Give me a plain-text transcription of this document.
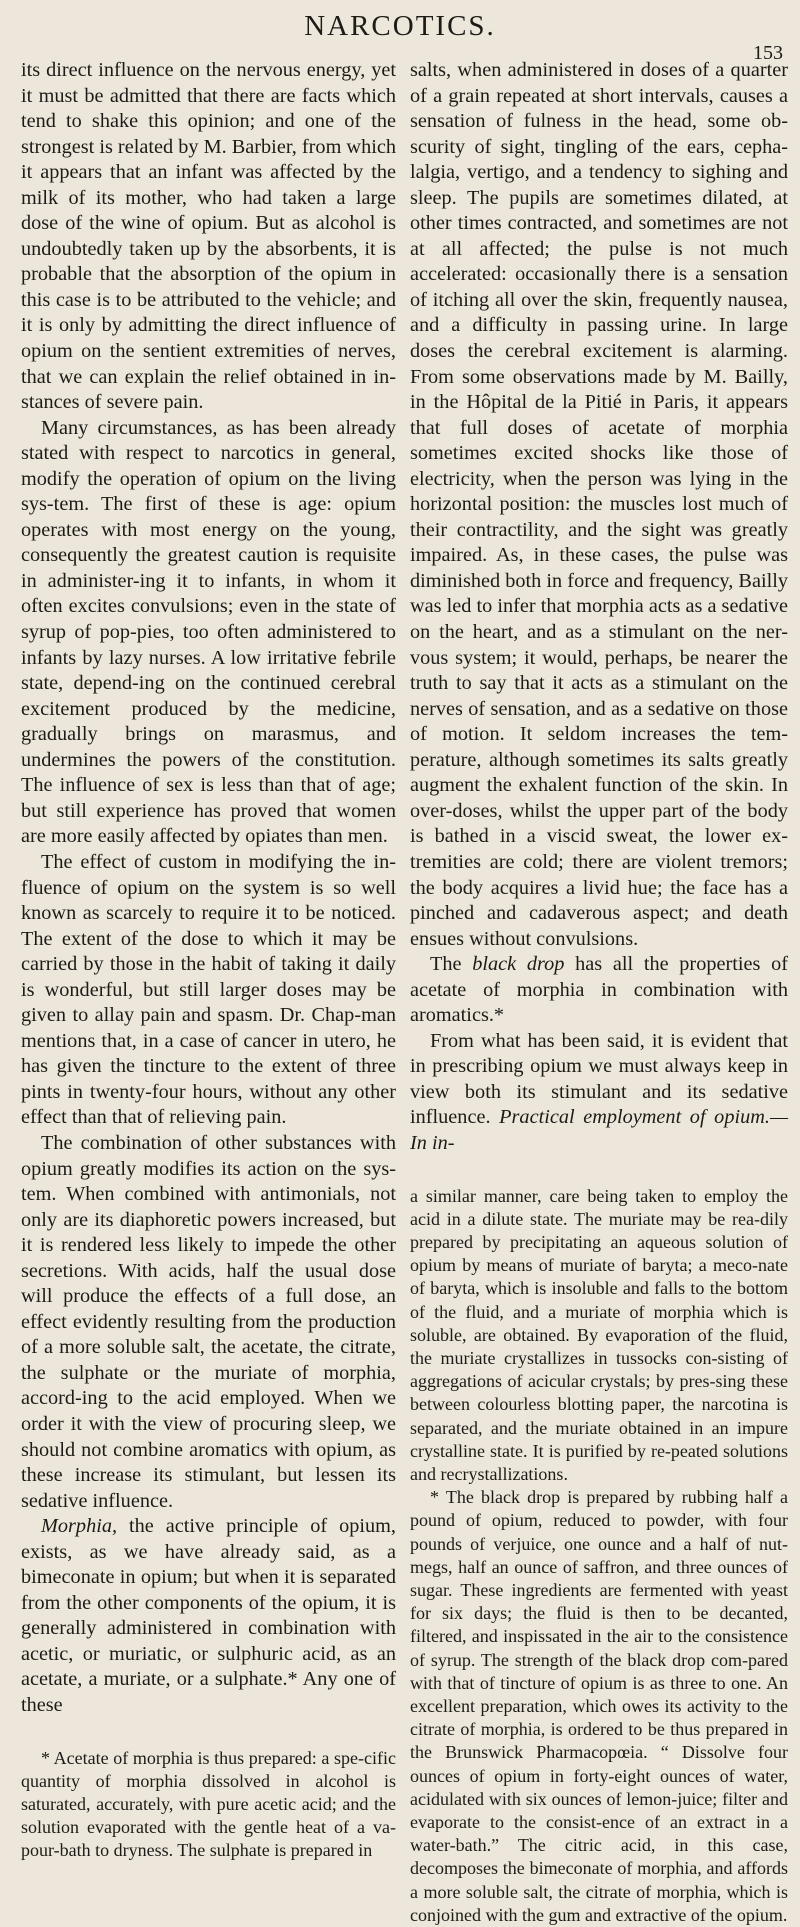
NARCOTICS.
153

its direct influence on the nervous energy, yet it must be admitted that there are facts which tend to shake this opinion; and one of the strongest is related by M. Barbier, from which it appears that an infant was affected by the milk of its mother, who had taken a large dose of the wine of opium. But as alcohol is undoubtedly taken up by the absorbents, it is probable that the absorption of the opium in this case is to be attributed to the vehicle; and it is only by admitting the direct influence of opium on the sentient extremities of nerves, that we can explain the relief obtained in in-stances of severe pain.

Many circumstances, as has been already stated with respect to narcotics in general, modify the operation of opium on the living sys-tem. The first of these is age: opium operates with most energy on the young, consequently the greatest caution is requisite in administer-ing it to infants, in whom it often excites convulsions; even in the state of syrup of pop-pies, too often administered to infants by lazy nurses. A low irritative febrile state, depend-ing on the continued cerebral excitement produced by the medicine, gradually brings on marasmus, and undermines the powers of the constitution. The influence of sex is less than that of age; but still experience has proved that women are more easily affected by opiates than men.

The effect of custom in modifying the in-fluence of opium on the system is so well known as scarcely to require it to be noticed. The extent of the dose to which it may be carried by those in the habit of taking it daily is wonderful, but still larger doses may be given to allay pain and spasm. Dr. Chap-man mentions that, in a case of cancer in utero, he has given the tincture to the extent of three pints in twenty-four hours, without any other effect than that of relieving pain.

The combination of other substances with opium greatly modifies its action on the sys-tem. When combined with antimonials, not only are its diaphoretic powers increased, but it is rendered less likely to impede the other secretions. With acids, half the usual dose will produce the effects of a full dose, an effect evidently resulting from the production of a more soluble salt, the acetate, the citrate, the sulphate or the muriate of morphia, accord-ing to the acid employed. When we order it with the view of procuring sleep, we should not combine aromatics with opium, as these increase its stimulant, but lessen its sedative influence.

Morphia, the active principle of opium, exists, as we have already said, as a bimeconate in opium; but when it is separated from the other components of the opium, it is generally administered in combination with acetic, or muriatic, or sulphuric acid, as an acetate, a muriate, or a sulphate.* Any one of these

* Acetate of morphia is thus prepared: a spe-cific quantity of morphia dissolved in alcohol is saturated, accurately, with pure acetic acid; and the solution evaporated with the gentle heat of a va-pour-bath to dryness. The sulphate is prepared in

salts, when administered in doses of a quarter of a grain repeated at short intervals, causes a sensation of fulness in the head, some ob-scurity of sight, tingling of the ears, cepha-lalgia, vertigo, and a tendency to sighing and sleep. The pupils are sometimes dilated, at other times contracted, and sometimes are not at all affected; the pulse is not much accelerated: occasionally there is a sensation of itching all over the skin, frequently nausea, and a difficulty in passing urine. In large doses the cerebral excitement is alarming. From some observations made by M. Bailly, in the Hôpital de la Pitié in Paris, it appears that full doses of acetate of morphia sometimes excited shocks like those of electricity, when the person was lying in the horizontal position: the muscles lost much of their contractility, and the sight was greatly impaired. As, in these cases, the pulse was diminished both in force and frequency, Bailly was led to infer that morphia acts as a sedative on the heart, and as a stimulant on the ner-vous system; it would, perhaps, be nearer the truth to say that it acts as a stimulant on the nerves of sensation, and as a sedative on those of motion. It seldom increases the tem-perature, although sometimes its salts greatly augment the exhalent function of the skin. In over-doses, whilst the upper part of the body is bathed in a viscid sweat, the lower ex-tremities are cold; there are violent tremors; the body acquires a livid hue; the face has a pinched and cadaverous aspect; and death ensues without convulsions.

The black drop has all the properties of acetate of morphia in combination with aromatics.*

From what has been said, it is evident that in prescribing opium we must always keep in view both its stimulant and its sedative influence. Practical employment of opium.—In in-

a similar manner, care being taken to employ the acid in a dilute state. The muriate may be rea-dily prepared by precipitating an aqueous solution of opium by means of muriate of baryta; a meco-nate of baryta, which is insoluble and falls to the bottom of the fluid, and a muriate of morphia which is soluble, are obtained. By evaporation of the fluid, the muriate crystallizes in tussocks con-sisting of aggregations of acicular crystals; by pres-sing these between colourless blotting paper, the narcotina is separated, and the muriate obtained in an impure crystalline state. It is purified by re-peated solutions and recrystallizations.

* The black drop is prepared by rubbing half a pound of opium, reduced to powder, with four pounds of verjuice, one ounce and a half of nut-megs, half an ounce of saffron, and three ounces of sugar. These ingredients are fermented with yeast for six days; the fluid is then to be decanted, filtered, and inspissated in the air to the consistence of syrup. The strength of the black drop com-pared with that of tincture of opium is as three to one. An excellent preparation, which owes its activity to the citrate of morphia, is ordered to be thus prepared in the Brunswick Pharmacopœia. “ Dissolve four ounces of opium in forty-eight ounces of water, acidulated with six ounces of lemon-juice; filter and evaporate to the consist-ence of an extract in a water-bath.” The citric acid, in this case, decomposes the bimeconate of morphia, and affords a more soluble salt, the citrate of morphia, which is conjoined with the gum and extractive of the opium.
